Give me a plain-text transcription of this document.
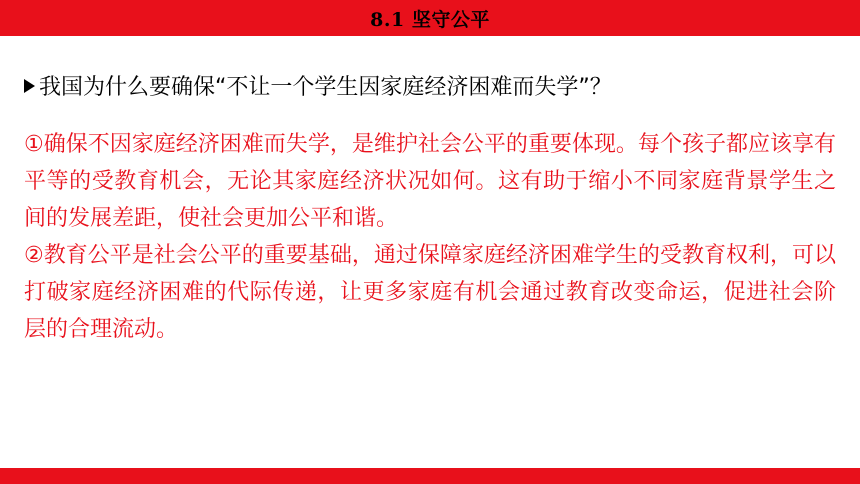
8.1 坚守公平
我国为什么要确保“不让一个学生因家庭经济困难而失学”？

①确保不因家庭经济困难而失学，是维护社会公平的重要体现。每个孩子都应该享有平等的受教育机会，无论其家庭经济状况如何。这有助于缩小不同家庭背景学生之间的发展差距，使社会更加公平和谐。

②教育公平是社会公平的重要基础，通过保障家庭经济困难学生的受教育权利，可以打破家庭经济困难的代际传递，让更多家庭有机会通过教育改变命运，促进社会阶层的合理流动。
